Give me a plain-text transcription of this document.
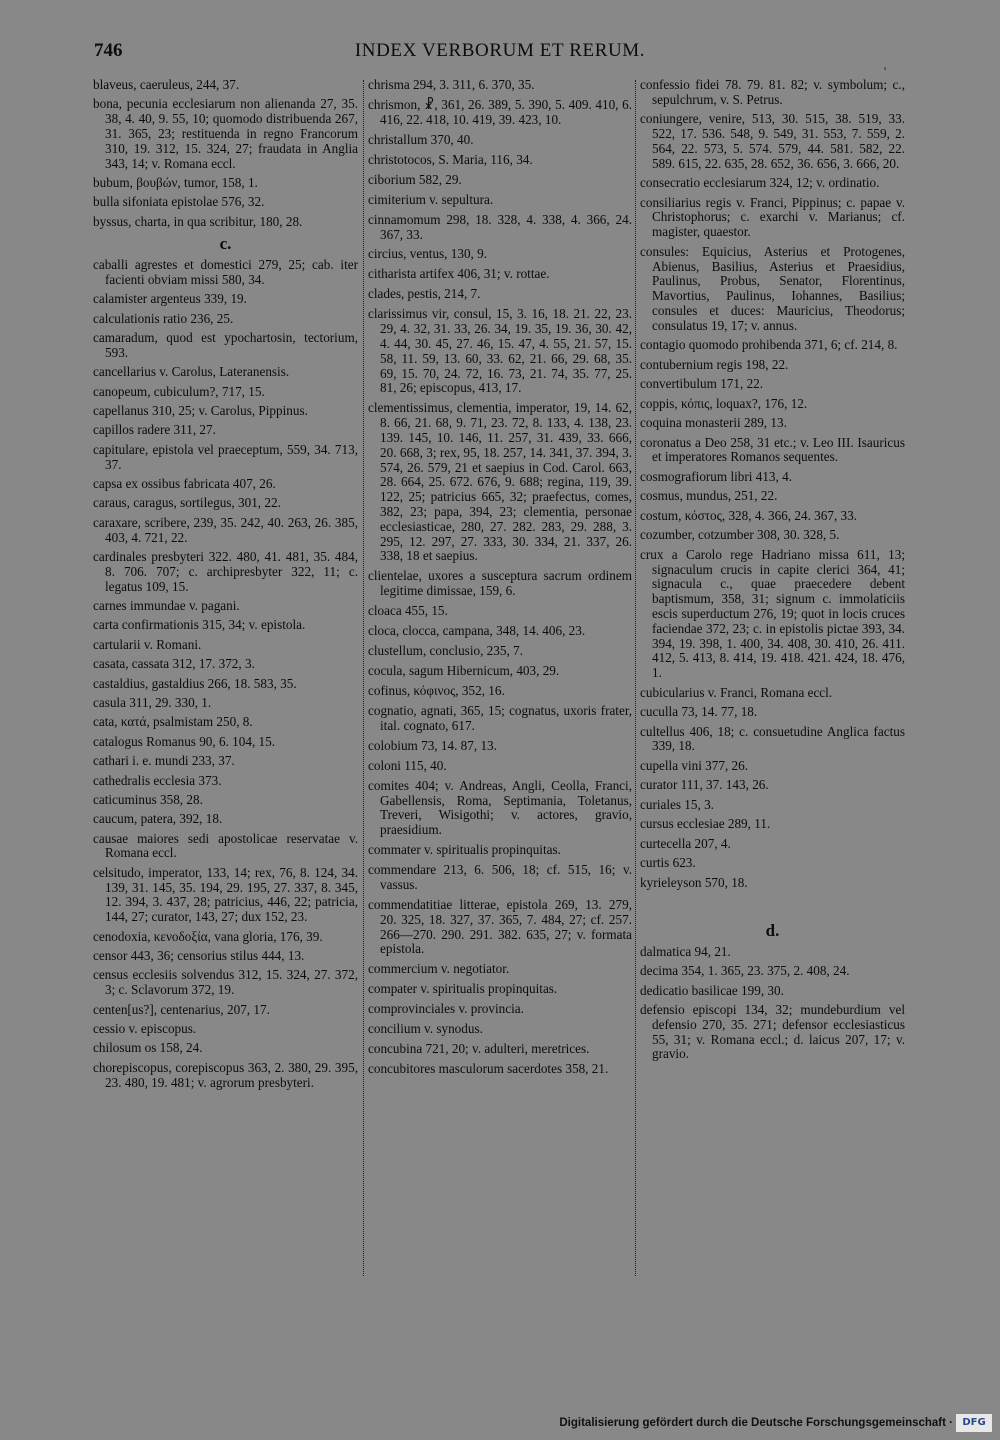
746	INDEX VERBORUM ET RERUM.
'

blaveus, caeruleus, 244, 37.

bona, pecunia ecclesiarum non alienanda 27, 35. 38, 4. 40, 9. 55, 10; quomodo distribuenda 267, 31. 365, 23; restituenda in regno Francorum 310, 19. 312, 15. 324, 27; fraudata in Anglia 343, 14; v. Romana eccl.

bubum, βουβών, tumor, 158, 1.

bulla sifoniata epistolae 576, 32.

byssus, charta, in qua scribitur, 180, 28.

c.

caballi agrestes et domestici 279, 25; cab. iter facienti obviam missi 580, 34.

calamister argenteus 339, 19.

calculationis ratio 236, 25.

camaradum, quod est ypochartosin, tectorium, 593.

cancellarius v. Carolus, Lateranensis.

canopeum, cubiculum?, 717, 15.

capellanus 310, 25; v. Carolus, Pippinus.

capillos radere 311, 27.

capitulare, epistola vel praeceptum, 559, 34. 713, 37.

capsa ex ossibus fabricata 407, 26.

caraus, caragus, sortilegus, 301, 22.

caraxare, scribere, 239, 35. 242, 40. 263, 26. 385, 403, 4. 721, 22.

cardinales presbyteri 322. 480, 41. 481, 35. 484, 8. 706. 707; c. archipresbyter 322, 11; c. legatus 109, 15.

carnes immundae v. pagani.

carta confirmationis 315, 34; v. epistola.

cartularii v. Romani.

casata, cassata 312, 17. 372, 3.

castaldius, gastaldius 266, 18. 583, 35.

casula 311, 29. 330, 1.

cata, κατά, psalmistam 250, 8.

catalogus Romanus 90, 6. 104, 15.

cathari i. e. mundi 233, 37.

cathedralis ecclesia 373.

caticuminus 358, 28.

caucum, patera, 392, 18.

causae maiores sedi apostolicae reservatae v. Romana eccl.

celsitudo, imperator, 133, 14; rex, 76, 8. 124, 34. 139, 31. 145, 35. 194, 29. 195, 27. 337, 8. 345, 12. 394, 3. 437, 28; patricius, 446, 22; patricia, 144, 27; curator, 143, 27; dux 152, 23.

cenodoxia, κενοδοξία, vana gloria, 176, 39.

censor 443, 36; censorius stilus 444, 13.

census ecclesiis solvendus 312, 15. 324, 27. 372, 3; c. Sclavorum 372, 19.

centen[us?], centenarius, 207, 17.

cessio v. episcopus.

chilosum os 158, 24.

chorepiscopus, corepiscopus 363, 2. 380, 29. 395, 23. 480, 19. 481; v. agrorum presbyteri.

chrisma 294, 3. 311, 6. 370, 35.

chrismon, ☧, 361, 26. 389, 5. 390, 5. 409. 410, 6. 416, 22. 418, 10. 419, 39. 423, 10.

christallum 370, 40.

christotocos, S. Maria, 116, 34.

ciborium 582, 29.

cimiterium v. sepultura.

cinnamomum 298, 18. 328, 4. 338, 4. 366, 24. 367, 33.

circius, ventus, 130, 9.

citharista artifex 406, 31; v. rottae.

clades, pestis, 214, 7.

clarissimus vir, consul, 15, 3. 16, 18. 21. 22, 23. 29, 4. 32, 31. 33, 26. 34, 19. 35, 19. 36, 30. 42, 4. 44, 30. 45, 27. 46, 15. 47, 4. 55, 21. 57, 15. 58, 11. 59, 13. 60, 33. 62, 21. 66, 29. 68, 35. 69, 15. 70, 24. 72, 16. 73, 21. 74, 35. 77, 25. 81, 26; episcopus, 413, 17.

clementissimus, clementia, imperator, 19, 14. 62, 8. 66, 21. 68, 9. 71, 23. 72, 8. 133, 4. 138, 23. 139. 145, 10. 146, 11. 257, 31. 439, 33. 666, 20. 668, 3; rex, 95, 18. 257, 14. 341, 37. 394, 3. 574, 26. 579, 21 et saepius in Cod. Carol. 663, 28. 664, 25. 672. 676, 9. 688; regina, 119, 39. 122, 25; patricius 665, 32; praefectus, comes, 382, 23; papa, 394, 23; clementia, personae ecclesiasticae, 280, 27. 282. 283, 29. 288, 3. 295, 12. 297, 27. 333, 30. 334, 21. 337, 26. 338, 18 et saepius.

clientelae, uxores a susceptura sacrum ordinem legitime dimissae, 159, 6.

cloaca 455, 15.

cloca, clocca, campana, 348, 14. 406, 23.

clustellum, conclusio, 235, 7.

cocula, sagum Hibernicum, 403, 29.

cofinus, κόφινος, 352, 16.

cognatio, agnati, 365, 15; cognatus, uxoris frater, ital. cognato, 617.

colobium 73, 14. 87, 13.

coloni 115, 40.

comites 404; v. Andreas, Angli, Ceolla, Franci, Gabellensis, Roma, Septimania, Toletanus, Treveri, Wisigothi; v. actores, gravio, praesidium.

commater v. spiritualis propinquitas.

commendare 213, 6. 506, 18; cf. 515, 16; v. vassus.

commendatitiae litterae, epistola 269, 13. 279, 20. 325, 18. 327, 37. 365, 7. 484, 27; cf. 257. 266—270. 290. 291. 382. 635, 27; v. formata epistola.

commercium v. negotiator.

compater v. spiritualis propinquitas.

comprovinciales v. provincia.

concilium v. synodus.

concubina 721, 20; v. adulteri, meretrices.

concubitores masculorum sacerdotes 358, 21.

confessio fidei 78. 79. 81. 82; v. symbolum; c., sepulchrum, v. S. Petrus.

coniungere, venire, 513, 30. 515, 38. 519, 33. 522, 17. 536. 548, 9. 549, 31. 553, 7. 559, 2. 564, 22. 573, 5. 574. 579, 44. 581. 582, 22. 589. 615, 22. 635, 28. 652, 36. 656, 3. 666, 20.

consecratio ecclesiarum 324, 12; v. ordinatio.

consiliarius regis v. Franci, Pippinus; c. papae v. Christophorus; c. exarchi v. Marianus; cf. magister, quaestor.

consules: Equicius, Asterius et Protogenes, Abienus, Basilius, Asterius et Praesidius, Paulinus, Probus, Senator, Florentinus, Mavortius, Paulinus, Iohannes, Basilius; consules et duces: Mauricius, Theodorus; consulatus 19, 17; v. annus.

contagio quomodo prohibenda 371, 6; cf. 214, 8.

contubernium regis 198, 22.

convertibulum 171, 22.

coppis, κόπις, loquax?, 176, 12.

coquina monasterii 289, 13.

coronatus a Deo 258, 31 etc.; v. Leo III. Isauricus et imperatores Romanos sequentes.

cosmografiorum libri 413, 4.

cosmus, mundus, 251, 22.

costum, κόστος, 328, 4. 366, 24. 367, 33.

cozumber, cotzumber 308, 30. 328, 5.

crux a Carolo rege Hadriano missa 611, 13; signaculum crucis in capite clerici 364, 41; signacula c., quae praecedere debent baptismum, 358, 31; signum c. immolaticiis escis superductum 276, 19; quot in locis cruces faciendae 372, 23; c. in epistolis pictae 393, 34. 394, 19. 398, 1. 400, 34. 408, 30. 410, 26. 411. 412, 5. 413, 8. 414, 19. 418. 421. 424, 18. 476, 1.

cubicularius v. Franci, Romana eccl.

cuculla 73, 14. 77, 18.

cultellus 406, 18; c. consuetudine Anglica factus 339, 18.

cupella vini 377, 26.

curator 111, 37. 143, 26.

curiales 15, 3.

cursus ecclesiae 289, 11.

curtecella 207, 4.

curtis 623.

kyrieleyson 570, 18.

d.

dalmatica 94, 21.

decima 354, 1. 365, 23. 375, 2. 408, 24.

dedicatio basilicae 199, 30.

defensio episcopi 134, 32; mundeburdium vel defensio 270, 35. 271; defensor ecclesiasticus 55, 31; v. Romana eccl.; d. laicus 207, 17; v. gravio.

Digitalisierung gefördert durch die Deutsche Forschungsgemeinschaft · DFG
